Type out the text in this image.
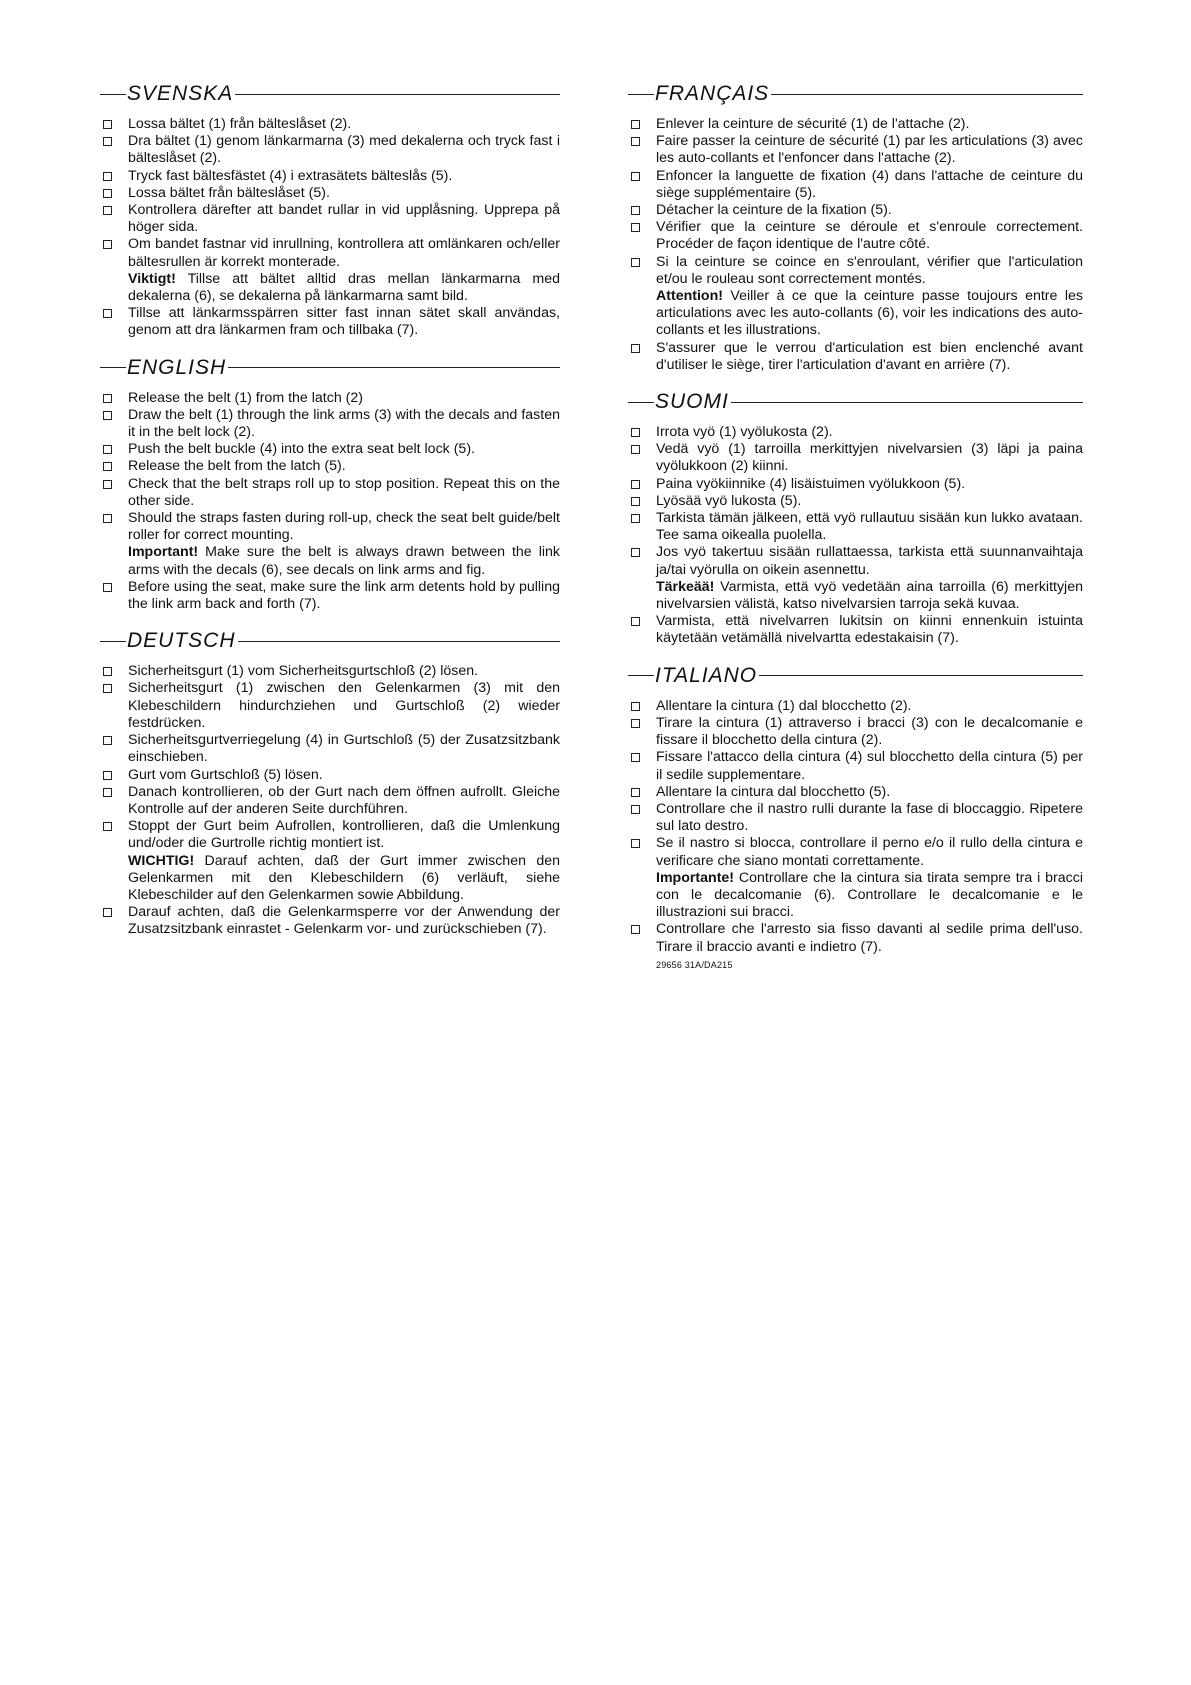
SVENSKA
Lossa bältet (1) från bälteslåset (2).
Dra bältet (1) genom länkarmarna (3) med dekalerna och tryck fast i bälteslåset (2).
Tryck fast bältesfästet (4) i extrasätets bälteslås (5).
Lossa bältet från bälteslåset (5).
Kontrollera därefter att bandet rullar in vid upplåsning. Upprepa på höger sida.
Om bandet fastnar vid inrullning, kontrollera att omlänkaren och/eller bältesrullen är korrekt monterade.
Viktigt! Tillse att bältet alltid dras mellan länkarmarna med dekalerna (6), se dekalerna på länkarmarna samt bild.
Tillse att länkarmsspärren sitter fast innan sätet skall användas, genom att dra länkarmen fram och tillbaka (7).
ENGLISH
Release the belt (1) from the latch (2)
Draw the belt (1) through the link arms (3) with the decals and fasten it in the belt lock (2).
Push the belt buckle (4) into the extra seat belt lock (5).
Release the belt from the latch (5).
Check that the belt straps roll up to stop position. Repeat this on the other side.
Should the straps fasten during roll-up, check the seat belt guide/belt roller for correct mounting.
Important! Make sure the belt is always drawn between the link arms with the decals (6), see decals on link arms and fig.
Before using the seat, make sure the link arm detents hold by pulling the link arm back and forth (7).
DEUTSCH
Sicherheitsgurt (1) vom Sicherheitsgurtschloß (2) lösen.
Sicherheitsgurt (1) zwischen den Gelenkarmen (3) mit den Klebeschildern hindurchziehen und Gurtschloß (2) wieder festdrücken.
Sicherheitsgurtverriegelung (4) in Gurtschloß (5) der Zusatzsitzbank einschieben.
Gurt vom Gurtschloß (5) lösen.
Danach kontrollieren, ob der Gurt nach dem öffnen aufrollt. Gleiche Kontrolle auf der anderen Seite durchführen.
Stoppt der Gurt beim Aufrollen, kontrollieren, daß die Umlenkung und/oder die Gurtrolle richtig montiert ist.
WICHTIG! Darauf achten, daß der Gurt immer zwischen den Gelenkarmen mit den Klebeschildern (6) verläuft, siehe Klebeschilder auf den Gelenkarmen sowie Abbildung.
Darauf achten, daß die Gelenkarmsperre vor der Anwendung der Zusatzsitzbank einrastet - Gelenkarm vor- und zurückschieben (7).
FRANÇAIS
Enlever la ceinture de sécurité (1) de l'attache (2).
Faire passer la ceinture de sécurité (1) par les articulations (3) avec les auto-collants et l'enfoncer dans l'attache (2).
Enfoncer la languette de fixation (4) dans l'attache de ceinture du siège supplémentaire (5).
Détacher la ceinture de la fixation (5).
Vérifier que la ceinture se déroule et s'enroule correctement. Procéder de façon identique de l'autre côté.
Si la ceinture se coince en s'enroulant, vérifier que l'articulation et/ou le rouleau sont correctement montés.
Attention! Veiller à ce que la ceinture passe toujours entre les articulations avec les auto-collants (6), voir les indications des auto-collants et les illustrations.
S'assurer que le verrou d'articulation est bien enclenché avant d'utiliser le siège, tirer l'articulation d'avant en arrière (7).
SUOMI
Irrota vyö (1) vyölukosta (2).
Vedä vyö (1) tarroilla merkittyjen nivelvarsien (3) läpi ja paina vyölukkoon (2) kiinni.
Paina vyökiinnike (4) lisäistuimen vyölukkoon (5).
Lyösää vyö lukosta (5).
Tarkista tämän jälkeen, että vyö rullautuu sisään kun lukko avataan. Tee sama oikealla puolella.
Jos vyö takertuu sisään rullattaessa, tarkista että suunnanvaihtaja ja/tai vyörulla on oikein asennettu.
Tärkeää! Varmista, että vyö vedetään aina tarroilla (6) merkittyjen nivelvarsien välistä, katso nivelvarsien tarroja sekä kuvaa.
Varmista, että nivelvarren lukitsin on kiinni ennenkuin istuinta käytetään vetämällä nivelvartta edestakaisin (7).
ITALIANO
Allentare la cintura (1) dal blocchetto (2).
Tirare la cintura (1) attraverso i bracci (3) con le decalcomanie e fissare il blocchetto della cintura (2).
Fissare l'attacco della cintura (4) sul blocchetto della cintura (5) per il sedile supplementare.
Allentare la cintura dal blocchetto (5).
Controllare che il nastro rulli durante la fase di bloccaggio. Ripetere sul lato destro.
Se il nastro si blocca, controllare il perno e/o il rullo della cintura e verificare che siano montati correttamente.
Importante! Controllare che la cintura sia tirata sempre tra i bracci con le decalcomanie (6). Controllare le decalcomanie e le illustrazioni sui bracci.
Controllare che l'arresto sia fisso davanti al sedile prima dell'uso. Tirare il braccio avanti e indietro (7).
29656 31A/DA215
